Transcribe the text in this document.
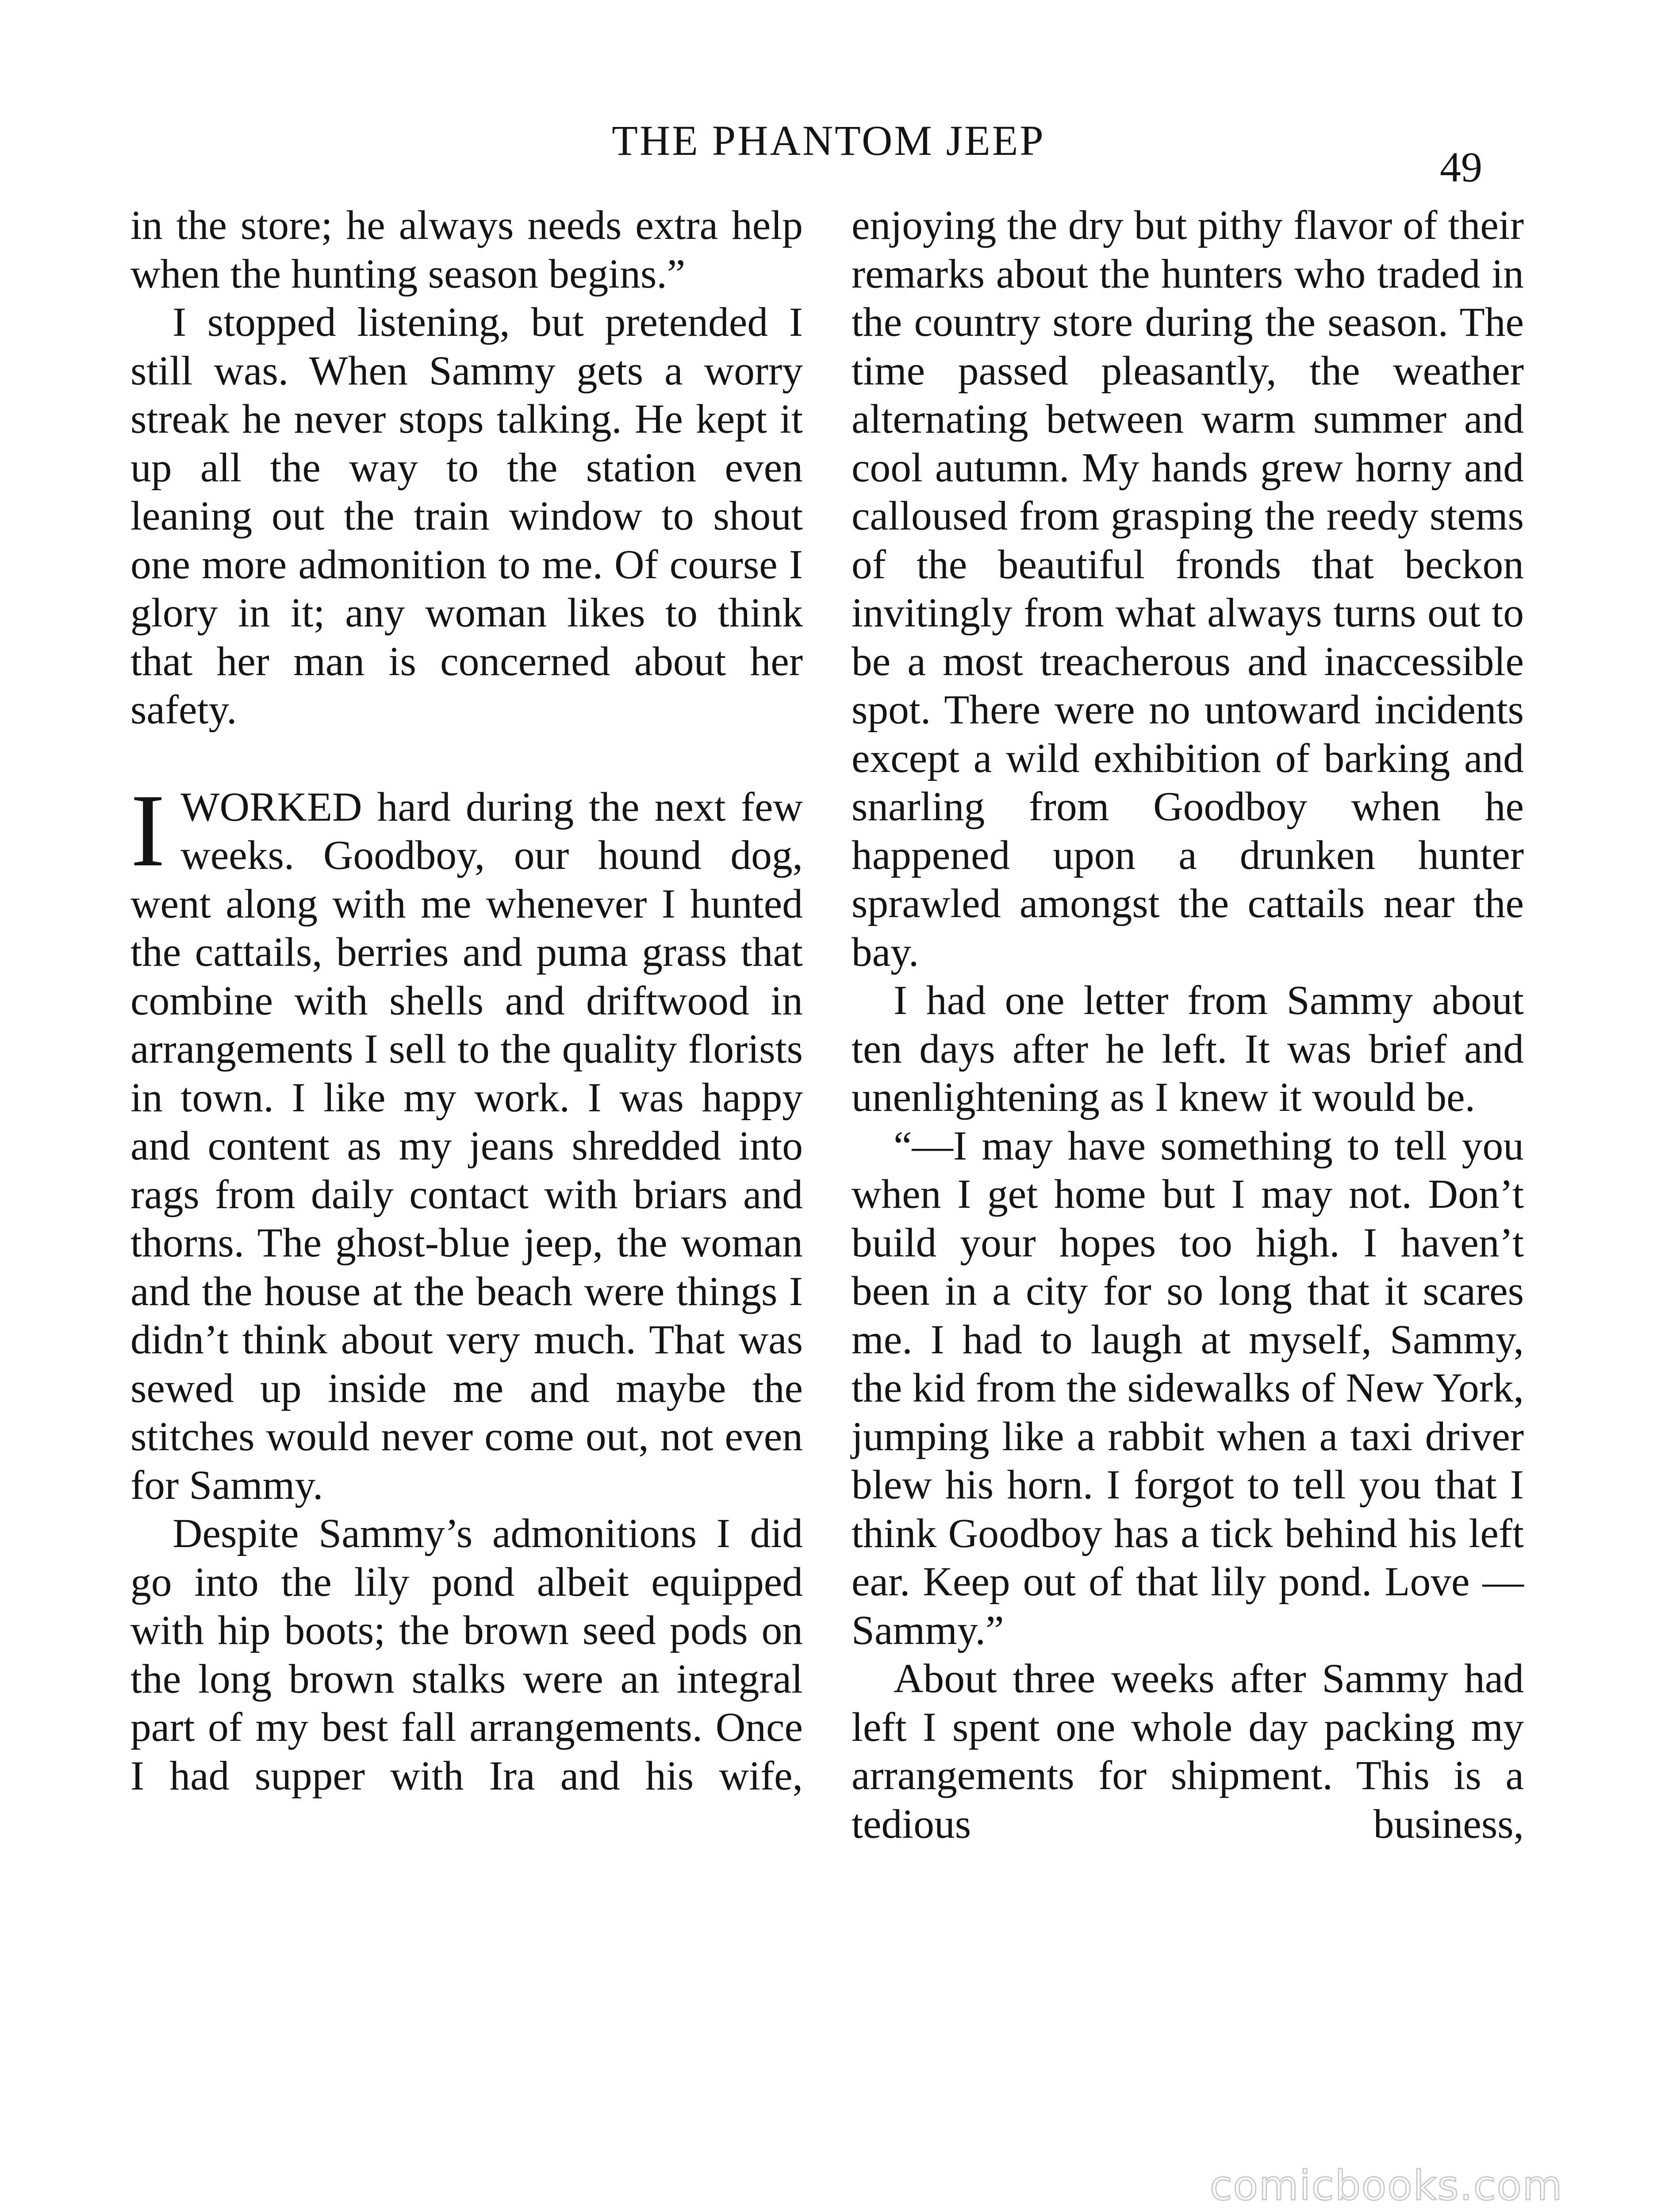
THE PHANTOM JEEP
49

in the store; he always needs extra help when the hunting season begins.”

I stopped listening, but pretended I still was. When Sammy gets a worry streak he never stops talking. He kept it up all the way to the station even leaning out the train window to shout one more admonition to me. Of course I glory in it; any woman likes to think that her man is concerned about her safety.

IWORKED hard during the next few weeks. Goodboy, our hound dog, went along with me whenever I hunted the cattails, berries and puma grass that combine with shells and driftwood in arrangements I sell to the quality florists in town. I like my work. I was happy and content as my jeans shredded into rags from daily contact with briars and thorns. The ghost-blue jeep, the woman and the house at the beach were things I didn’t think about very much. That was sewed up inside me and maybe the stitches would never come out, not even for Sammy.

Despite Sammy’s admonitions I did go into the lily pond albeit equipped with hip boots; the brown seed pods on the long brown stalks were an integral part of my best fall arrangements. Once I had supper with Ira and his wife,

enjoying the dry but pithy flavor of their remarks about the hunters who traded in the country store during the season. The time passed pleasantly, the weather alternating between warm summer and cool autumn. My hands grew horny and calloused from grasping the reedy stems of the beautiful fronds that beckon invitingly from what always turns out to be a most treacherous and inaccessible spot. There were no untoward incidents except a wild exhibition of barking and snarling from Goodboy when he happened upon a drunken hunter sprawled amongst the cattails near the bay.

I had one letter from Sammy about ten days after he left. It was brief and unenlightening as I knew it would be.

“—I may have something to tell you when I get home but I may not. Don’t build your hopes too high. I haven’t been in a city for so long that it scares me. I had to laugh at myself, Sammy, the kid from the sidewalks of New York, jumping like a rabbit when a taxi driver blew his horn. I forgot to tell you that I think Goodboy has a tick behind his left ear. Keep out of that lily pond. Love —Sammy.”

About three weeks after Sammy had left I spent one whole day packing my arrangements for shipment. This is a tedious business,

comicbooks.com
